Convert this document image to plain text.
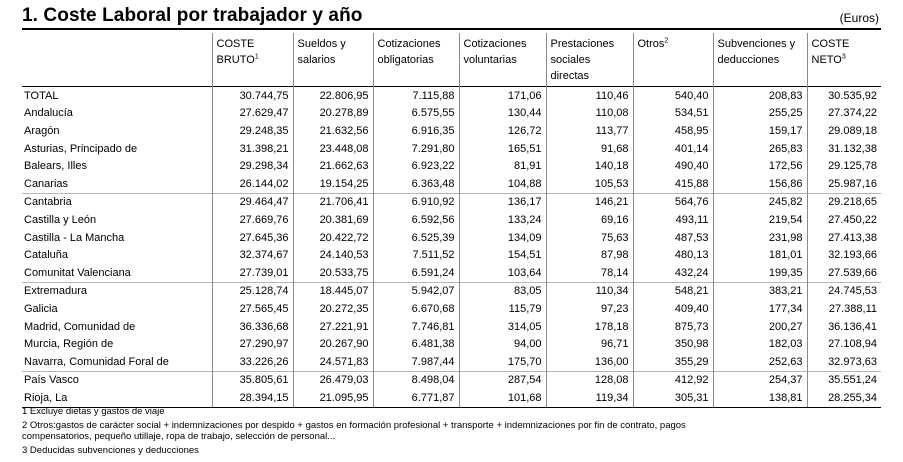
1. Coste Laboral por trabajador y año	(Euros)
	COSTE BRUTO$^1$	Sueldos y salarios	Cotizaciones obligatorias	Cotizaciones voluntarias	Prestaciones sociales directas	Otros$^2$	Subvenciones y deducciones	COSTE NETO$^3$
TOTAL	30.744,75	22.806,95	7.115,88	171,06	110,46	540,40	208,83	30.535,92
Andalucía	27.629,47	20.278,89	6.575,55	130,44	110,08	534,51	255,25	27.374,22
Aragón	29.248,35	21.632,56	6.916,35	126,72	113,77	458,95	159,17	29.089,18
Asturias, Principado de	31.398,21	23.448,08	7.291,80	165,51	91,68	401,14	265,83	31.132,38
Balears, Illes	29.298,34	21.662,63	6.923,22	81,91	140,18	490,40	172,56	29.125,78
Canarias	26.144,02	19.154,25	6.363,48	104,88	105,53	415,88	156,86	25.987,16
Cantabria	29.464,47	21.706,41	6.910,92	136,17	146,21	564,76	245,82	29.218,65
Castilla y León	27.669,76	20.381,69	6.592,56	133,24	69,16	493,11	219,54	27.450,22
Castilla - La Mancha	27.645,36	20.422,72	6.525,39	134,09	75,63	487,53	231,98	27.413,38
Cataluña	32.374,67	24.140,53	7.511,52	154,51	87,98	480,13	181,01	32.193,66
Comunitat Valenciana	27.739,01	20.533,75	6.591,24	103,64	78,14	432,24	199,35	27.539,66
Extremadura	25.128,74	18.445,07	5.942,07	83,05	110,34	548,21	383,21	24.745,53
Galicia	27.565,45	20.272,35	6.670,68	115,79	97,23	409,40	177,34	27.388,11
Madrid, Comunidad de	36.336,68	27.221,91	7.746,81	314,05	178,18	875,73	200,27	36.136,41
Murcia, Región de	27.290,97	20.267,90	6.481,38	94,00	96,71	350,98	182,03	27.108,94
Navarra, Comunidad Foral de	33.226,26	24.571,83	7.987,44	175,70	136,00	355,29	252,63	32.973,63
País Vasco	35.805,61	26.479,03	8.498,04	287,54	128,08	412,92	254,37	35.551,24
Rioja, La	28.394,15	21.095,95	6.771,87	101,68	119,34	305,31	138,81	28.255,34

1 Excluye dietas y gastos de viaje

2 Otros:gastos de carácter social + indemnizaciones por despido + gastos en formación profesional + transporte + indemnizaciones por fin de contrato, pagos compensatorios, pequeño utillaje, ropa de trabajo, selección de personal...

3 Deducidas subvenciones y deducciones
